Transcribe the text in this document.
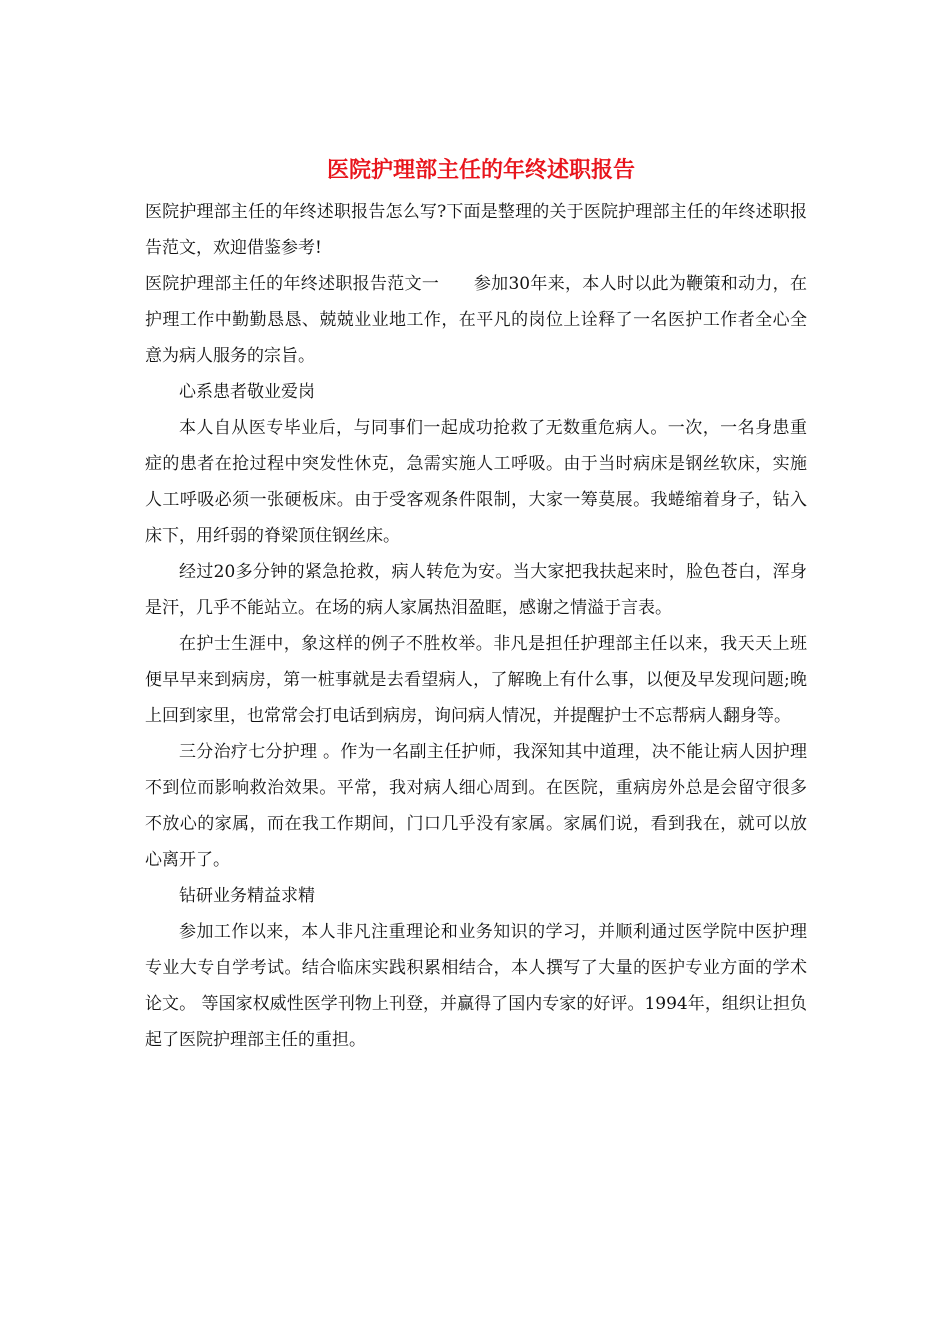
医院护理部主任的年终述职报告

医院护理部主任的年终述职报告怎么写?下面是整理的关于医院护理部主任的年终述职报告范文，欢迎借鉴参考!

医院护理部主任的年终述职报告范文一　　参加30年来，本人时以此为鞭策和动力，在护理工作中勤勤恳恳、兢兢业业地工作，在平凡的岗位上诠释了一名医护工作者全心全意为病人服务的宗旨。

心系患者敬业爱岗

本人自从医专毕业后，与同事们一起成功抢救了无数重危病人。一次，一名身患重症的患者在抢过程中突发性休克，急需实施人工呼吸。由于当时病床是钢丝软床，实施人工呼吸必须一张硬板床。由于受客观条件限制，大家一筹莫展。我蜷缩着身子，钻入床下，用纤弱的脊梁顶住钢丝床。

经过20多分钟的紧急抢救，病人转危为安。当大家把我扶起来时，脸色苍白，浑身是汗，几乎不能站立。在场的病人家属热泪盈眶，感谢之情溢于言表。

在护士生涯中，象这样的例子不胜枚举。非凡是担任护理部主任以来，我天天上班便早早来到病房，第一桩事就是去看望病人，了解晚上有什么事，以便及早发现问题;晚上回到家里，也常常会打电话到病房，询问病人情况，并提醒护士不忘帮病人翻身等。

三分治疗七分护理 。作为一名副主任护师，我深知其中道理，决不能让病人因护理不到位而影响救治效果。平常，我对病人细心周到。在医院，重病房外总是会留守很多不放心的家属，而在我工作期间，门口几乎没有家属。家属们说，看到我在，就可以放心离开了。

钻研业务精益求精

参加工作以来，本人非凡注重理论和业务知识的学习，并顺利通过医学院中医护理专业大专自学考试。结合临床实践积累相结合，本人撰写了大量的医护专业方面的学术论文。 等国家权威性医学刊物上刊登，并赢得了国内专家的好评。1994年，组织让担负起了医院护理部主任的重担。
